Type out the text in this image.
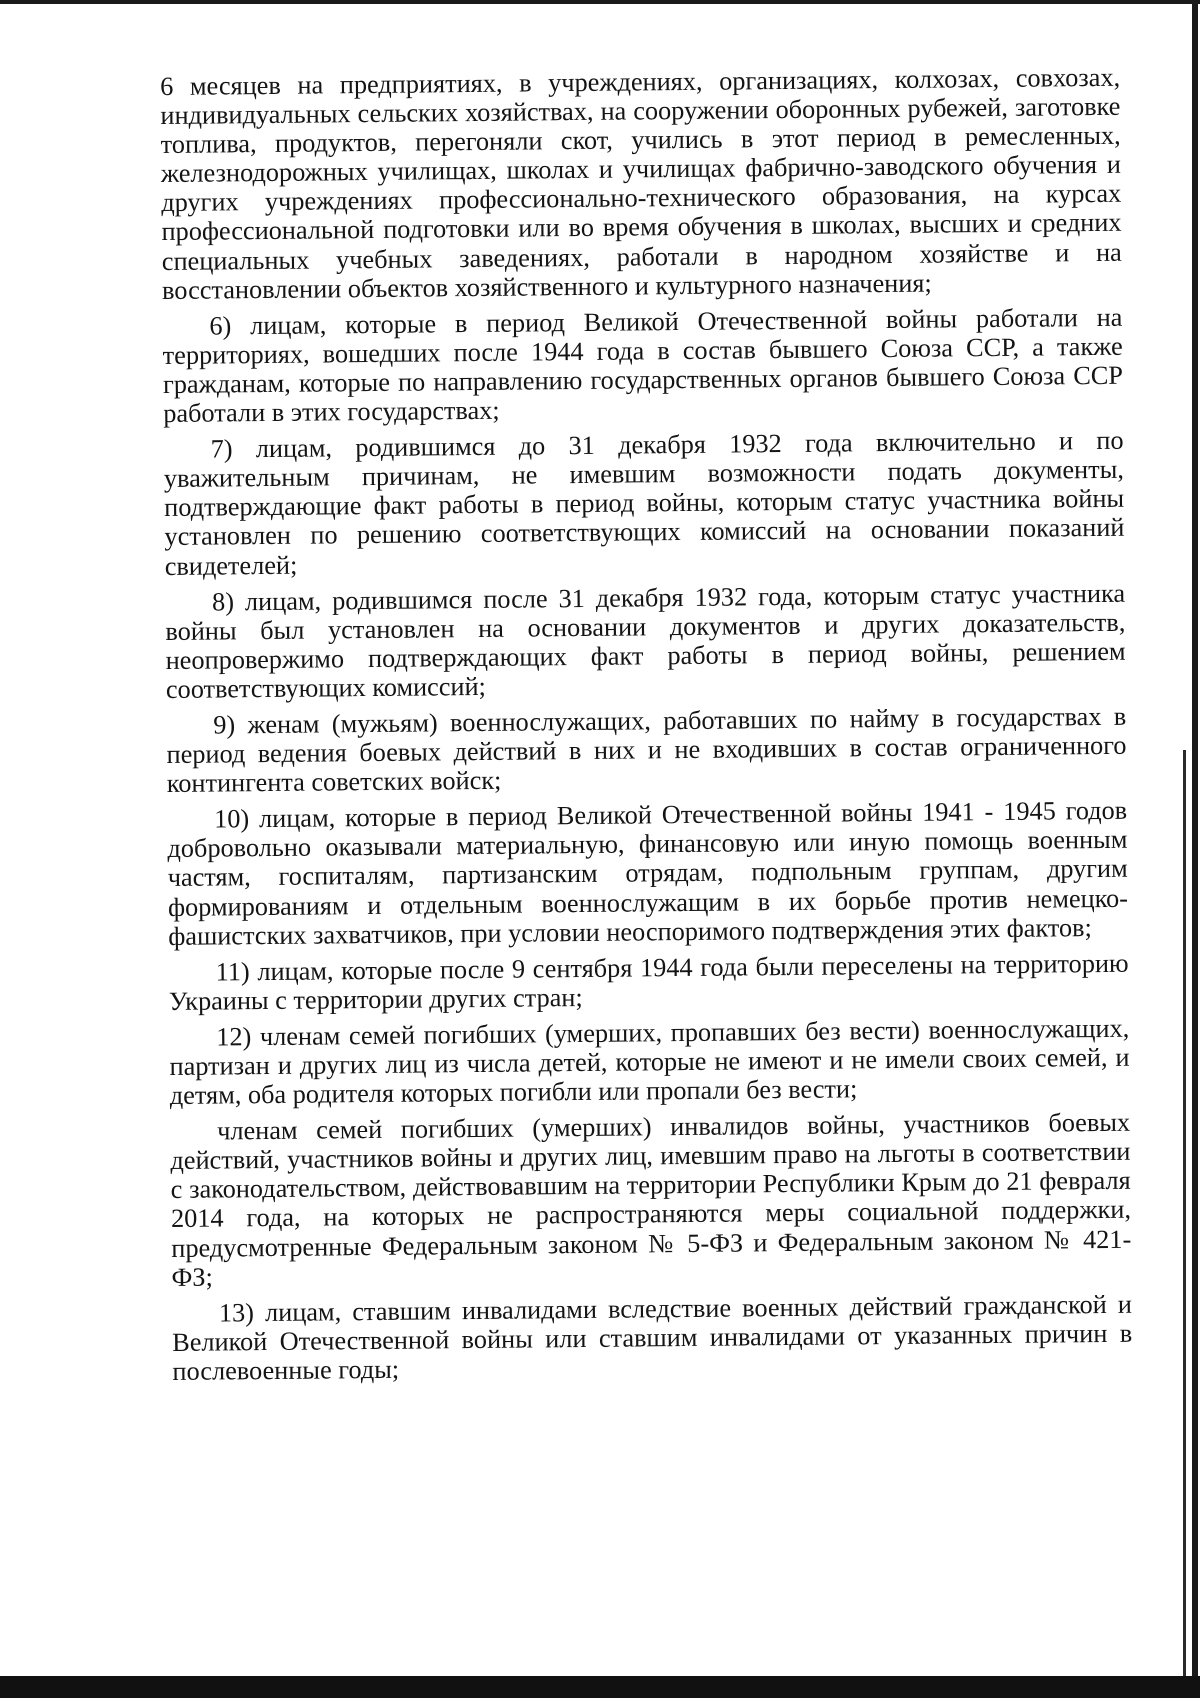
6 месяцев на предприятиях, в учреждениях, организациях, колхозах, совхозах, индивидуальных сельских хозяйствах, на сооружении оборонных рубежей, заготовке топлива, продуктов, перегоняли скот, учились в этот период в ремесленных, железнодорожных училищах, школах и училищах фабрично-заводского обучения и других учреждениях профессионально-технического образования, на курсах профессиональной подготовки или во время обучения в школах, высших и средних специальных учебных заведениях, работали в народном хозяйстве и на восстановлении объектов хозяйственного и культурного назначения;

6) лицам, которые в период Великой Отечественной войны работали на территориях, вошедших после 1944 года в состав бывшего Союза ССР, а также гражданам, которые по направлению государственных органов бывшего Союза ССР работали в этих государствах;

7) лицам, родившимся до 31 декабря 1932 года включительно и по уважительным причинам, не имевшим возможности подать документы, подтверждающие факт работы в период войны, которым статус участника войны установлен по решению соответствующих комиссий на основании показаний свидетелей;

8) лицам, родившимся после 31 декабря 1932 года, которым статус участника войны был установлен на основании документов и других доказательств, неопровержимо подтверждающих факт работы в период войны, решением соответствующих комиссий;

9) женам (мужьям) военнослужащих, работавших по найму в государствах в период ведения боевых действий в них и не входивших в состав ограниченного контингента советских войск;

10) лицам, которые в период Великой Отечественной войны 1941 - 1945 годов добровольно оказывали материальную, финансовую или иную помощь военным частям, госпиталям, партизанским отрядам, подпольным группам, другим формированиям и отдельным военнослужащим в их борьбе против немецко-фашистских захватчиков, при условии неоспоримого подтверждения этих фактов;

11) лицам, которые после 9 сентября 1944 года были переселены на территорию Украины с территории других стран;

12) членам семей погибших (умерших, пропавших без вести) военнослужащих, партизан и других лиц из числа детей, которые не имеют и не имели своих семей, и детям, оба родителя которых погибли или пропали без вести;

членам семей погибших (умерших) инвалидов войны, участников боевых действий, участников войны и других лиц, имевшим право на льготы в соответствии с законодательством, действовавшим на территории Республики Крым до 21 февраля 2014 года, на которых не распространяются меры социальной поддержки, предусмотренные Федеральным законом № 5-ФЗ и Федеральным законом № 421-ФЗ;

13) лицам, ставшим инвалидами вследствие военных действий гражданской и Великой Отечественной войны или ставшим инвалидами от указанных причин в послевоенные годы;
